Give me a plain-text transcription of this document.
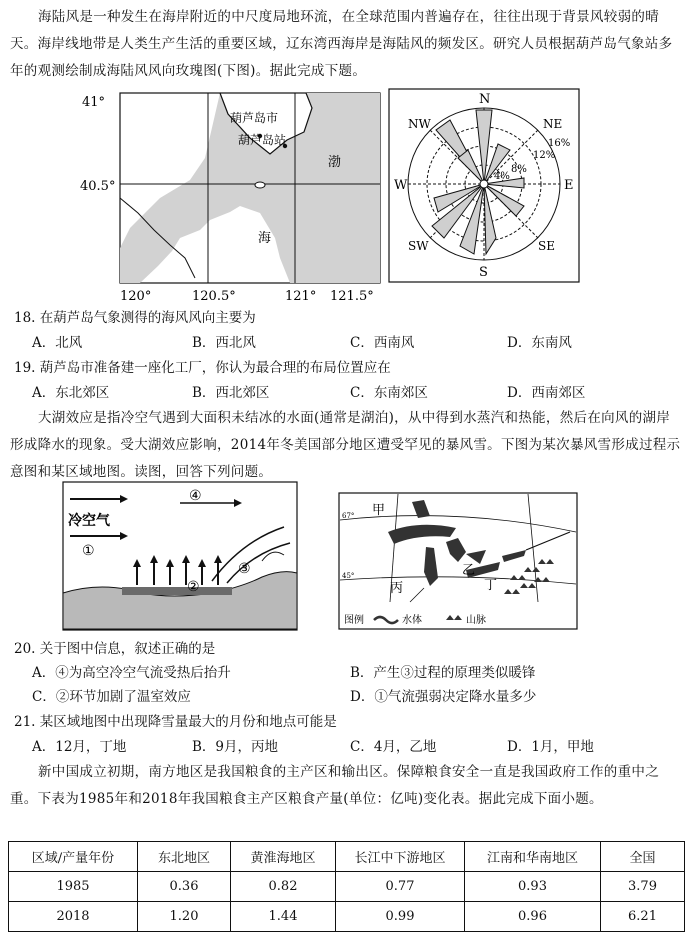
海陆风是一种发生在海岸附近的中尺度局地环流，在全球范围内普遍存在，往往出现于背景风较弱的晴天。海岸线地带是人类生产生活的重要区域，辽东湾西海岸是海陆风的频发区。研究人员根据葫芦岛气象站多年的观测绘制成海陆风风向玫瑰图(下图)。据此完成下题。
41°
40.5°
葫芦岛市
葫芦岛站
渤
海
120°	120.5°	121° 121.5°
N
S
E
W
NW	NE
SW	SE
16%
12%
8%
4%
18. 在葫芦岛气象测得的海风风向主要为
A．北风	B．西北风	C．西南风	D．东南风
19. 葫芦岛市准备建一座化工厂，你认为最合理的布局位置应在
A．东北郊区	B．西北郊区	C．东南郊区	D．西南郊区
大湖效应是指冷空气遇到大面积未结冰的水面(通常是湖泊)，从中得到水蒸汽和热能，然后在向风的湖岸形成降水的现象。受大湖效应影响，2014年冬美国部分地区遭受罕见的暴风雪。下图为某次暴风雪形成过程示意图和某区域地图。读图，回答下列问题。
冷空气
①
②
③
④
甲
乙
丙	丁
67°
45°
图例	水体	山脉
20. 关于图中信息，叙述正确的是
A．④为高空冷空气流受热后抬升	B．产生③过程的原理类似暖锋
C．②环节加剧了温室效应	D．①气流强弱决定降水量多少
21. 某区域地图中出现降雪量最大的月份和地点可能是
A．12月，丁地	B．9月，丙地	C．4月，乙地	D．1月，甲地
新中国成立初期，南方地区是我国粮食的主产区和输出区。保障粮食安全一直是我国政府工作的重中之重。下表为1985年和2018年我国粮食主产区粮食产量(单位：亿吨)变化表。据此完成下面小题。
区域/产量年份	东北地区	黄淮海地区	长江中下游地区	江南和华南地区	全国
1985	0.36	0.82	0.77	0.93	3.79
2018	1.20	1.44	0.99	0.96	6.21
